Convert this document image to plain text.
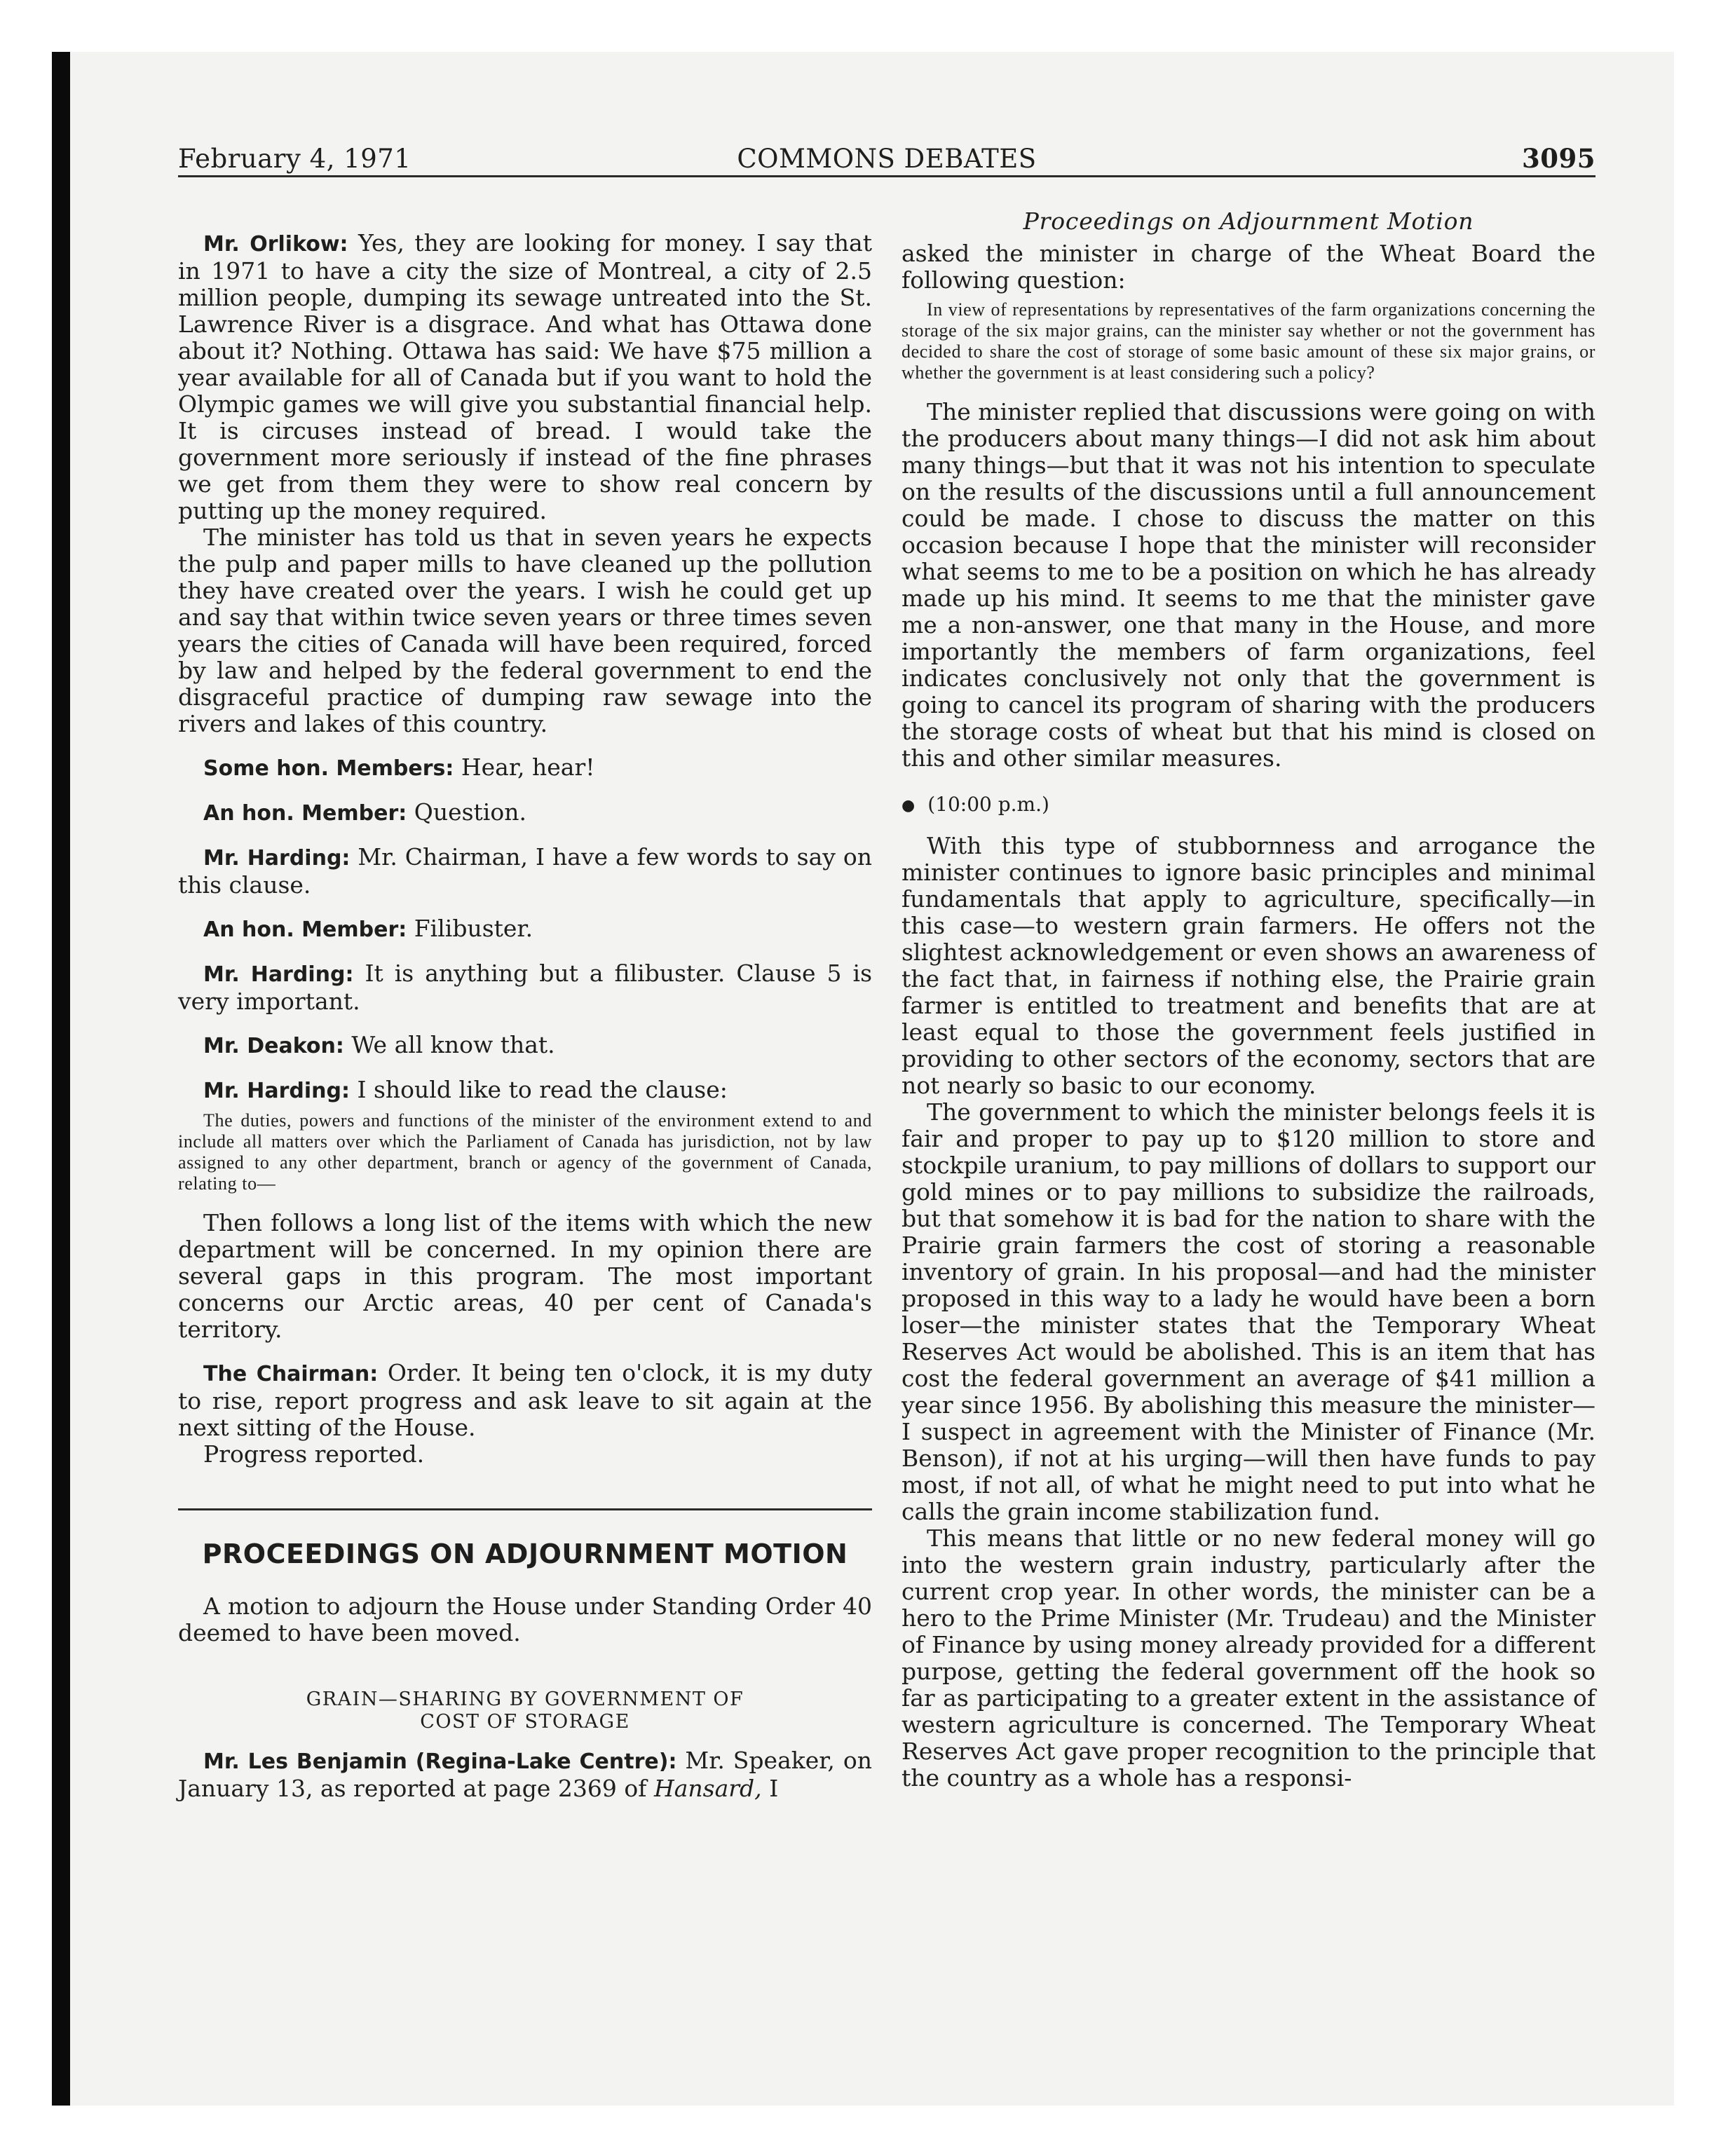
February 4, 1971	COMMONS DEBATES	3095

Mr. Orlikow: Yes, they are looking for money. I say that in 1971 to have a city the size of Montreal, a city of 2.5 million people, dumping its sewage untreated into the St. Lawrence River is a disgrace. And what has Ottawa done about it? Nothing. Ottawa has said: We have $75 million a year available for all of Canada but if you want to hold the Olympic games we will give you substantial financial help. It is circuses instead of bread. I would take the government more seriously if instead of the fine phrases we get from them they were to show real concern by putting up the money required.

The minister has told us that in seven years he expects the pulp and paper mills to have cleaned up the pollution they have created over the years. I wish he could get up and say that within twice seven years or three times seven years the cities of Canada will have been required, forced by law and helped by the federal government to end the disgraceful practice of dumping raw sewage into the rivers and lakes of this country.

Some hon. Members: Hear, hear!

An hon. Member: Question.

Mr. Harding: Mr. Chairman, I have a few words to say on this clause.

An hon. Member: Filibuster.

Mr. Harding: It is anything but a filibuster. Clause 5 is very important.

Mr. Deakon: We all know that.

Mr. Harding: I should like to read the clause:

The duties, powers and functions of the minister of the environment extend to and include all matters over which the Parliament of Canada has jurisdiction, not by law assigned to any other department, branch or agency of the government of Canada, relating to—

Then follows a long list of the items with which the new department will be concerned. In my opinion there are several gaps in this program. The most important concerns our Arctic areas, 40 per cent of Canada's territory.

The Chairman: Order. It being ten o'clock, it is my duty to rise, report progress and ask leave to sit again at the next sitting of the House.

Progress reported.

PROCEEDINGS ON ADJOURNMENT MOTION

A motion to adjourn the House under Standing Order 40 deemed to have been moved.

GRAIN—SHARING BY GOVERNMENT OF
COST OF STORAGE

Mr. Les Benjamin (Regina-Lake Centre): Mr. Speaker, on January 13, as reported at page 2369 of Hansard, I

Proceedings on Adjournment Motion

asked the minister in charge of the Wheat Board the following question:

In view of representations by representatives of the farm organizations concerning the storage of the six major grains, can the minister say whether or not the government has decided to share the cost of storage of some basic amount of these six major grains, or whether the government is at least considering such a policy?

The minister replied that discussions were going on with the producers about many things—I did not ask him about many things—but that it was not his intention to speculate on the results of the discussions until a full announcement could be made. I chose to discuss the matter on this occasion because I hope that the minister will reconsider what seems to me to be a position on which he has already made up his mind. It seems to me that the minister gave me a non-answer, one that many in the House, and more importantly the members of farm organizations, feel indicates conclusively not only that the government is going to cancel its program of sharing with the producers the storage costs of wheat but that his mind is closed on this and other similar measures.

● (10:00 p.m.)

With this type of stubbornness and arrogance the minister continues to ignore basic principles and minimal fundamentals that apply to agriculture, specifically—in this case—to western grain farmers. He offers not the slightest acknowledgement or even shows an awareness of the fact that, in fairness if nothing else, the Prairie grain farmer is entitled to treatment and benefits that are at least equal to those the government feels justified in providing to other sectors of the economy, sectors that are not nearly so basic to our economy.

The government to which the minister belongs feels it is fair and proper to pay up to $120 million to store and stockpile uranium, to pay millions of dollars to support our gold mines or to pay millions to subsidize the railroads, but that somehow it is bad for the nation to share with the Prairie grain farmers the cost of storing a reasonable inventory of grain. In his proposal—and had the minister proposed in this way to a lady he would have been a born loser—the minister states that the Temporary Wheat Reserves Act would be abolished. This is an item that has cost the federal government an average of $41 million a year since 1956. By abolishing this measure the minister—I suspect in agreement with the Minister of Finance (Mr. Benson), if not at his urging—will then have funds to pay most, if not all, of what he might need to put into what he calls the grain income stabilization fund.

This means that little or no new federal money will go into the western grain industry, particularly after the current crop year. In other words, the minister can be a hero to the Prime Minister (Mr. Trudeau) and the Minister of Finance by using money already provided for a different purpose, getting the federal government off the hook so far as participating to a greater extent in the assistance of western agriculture is concerned. The Temporary Wheat Reserves Act gave proper recognition to the principle that the country as a whole has a responsi-
